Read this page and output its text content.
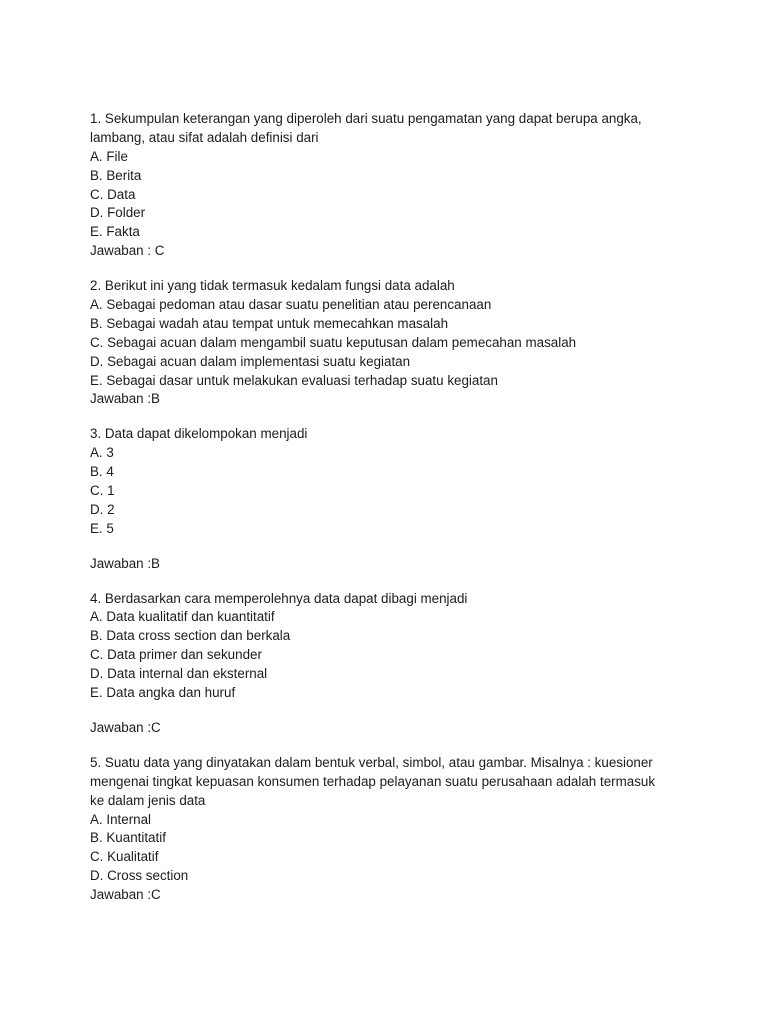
1. Sekumpulan keterangan yang diperoleh dari suatu pengamatan yang dapat berupa angka,
lambang, atau sifat adalah definisi dari
A. File
B. Berita
C. Data
D. Folder
E. Fakta
Jawaban : C
2. Berikut ini yang tidak termasuk kedalam fungsi data adalah
A. Sebagai pedoman atau dasar suatu penelitian atau perencanaan
B. Sebagai wadah atau tempat untuk memecahkan masalah
C. Sebagai acuan dalam mengambil suatu keputusan dalam pemecahan masalah
D. Sebagai acuan dalam implementasi suatu kegiatan
E. Sebagai dasar untuk melakukan evaluasi terhadap suatu kegiatan
Jawaban :B
3. Data dapat dikelompokan menjadi
A. 3
B. 4
C. 1
D. 2
E. 5
Jawaban :B
4. Berdasarkan cara memperolehnya data dapat dibagi menjadi
A. Data kualitatif dan kuantitatif
B. Data cross section dan berkala
C. Data primer dan sekunder
D. Data internal dan eksternal
E. Data angka dan huruf
Jawaban :C
5. Suatu data yang dinyatakan dalam bentuk verbal, simbol, atau gambar. Misalnya : kuesioner
mengenai tingkat kepuasan konsumen terhadap pelayanan suatu perusahaan adalah termasuk
ke dalam jenis data
A. Internal
B. Kuantitatif
C. Kualitatif
D. Cross section
Jawaban :C
